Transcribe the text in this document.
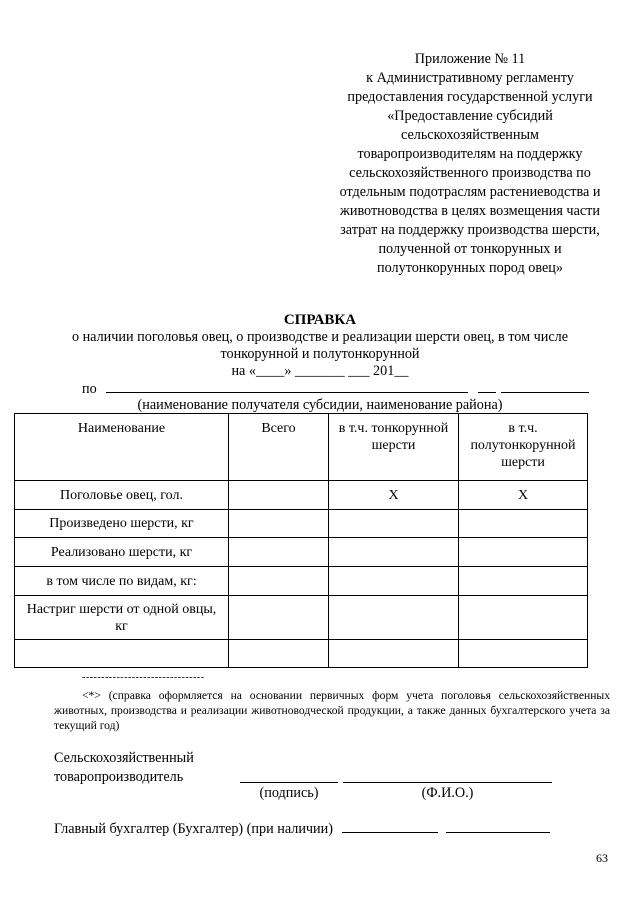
Приложение № 11
к Административному регламенту
предоставления государственной услуги
«Предоставление субсидий
сельскохозяйственным
товаропроизводителям на поддержку
сельскохозяйственного производства по
отдельным подотраслям растениеводства и
животноводства в целях возмещения части
затрат на поддержку производства шерсти,
полученной от тонкорунных и
полутонкорунных пород овец»
СПРАВКА
о наличии поголовья овец, о производстве и реализации шерсти овец, в том числе
тонкорунной и полутонкорунной
на «____» _______ ___ 201__
по
(наименование получателя субсидии, наименование района)
Наименование	Всего	в т.ч. тонкорунной шерсти	в т.ч. полутонкорунной шерсти
Поголовье овец, гол.		X	X
Произведено шерсти, кг			
Реализовано шерсти, кг			
в том числе по видам, кг:			
Настриг шерсти от одной овцы, кг			

--------------------------------
<*> (справка оформляется на основании первичных форм учета поголовья сельскохозяйственных животных, производства и реализации животноводческой продукции, а также данных бухгалтерского учета за текущий год)
Сельскохозяйственный
товаропроизводитель
(подпись)	(Ф.И.О.)
Главный бухгалтер (Бухгалтер) (при наличии)
63
